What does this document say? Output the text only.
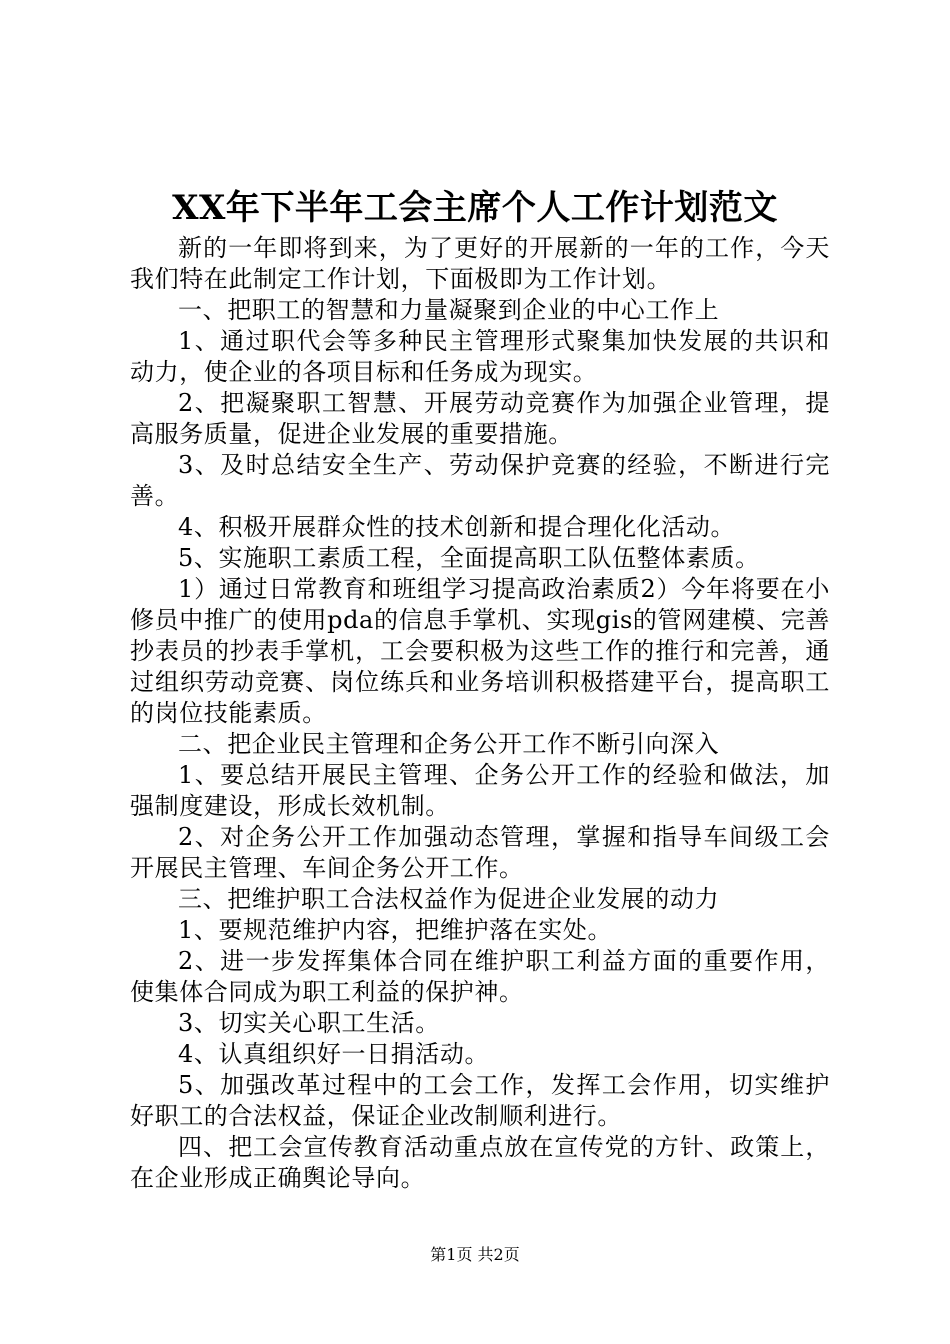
XX年下半年工会主席个人工作计划范文

新的一年即将到来，为了更好的开展新的一年的工作，今天我们特在此制定工作计划，下面极即为工作计划。

一、把职工的智慧和力量凝聚到企业的中心工作上

1、通过职代会等多种民主管理形式聚集加快发展的共识和动力，使企业的各项目标和任务成为现实。

2、把凝聚职工智慧、开展劳动竞赛作为加强企业管理，提高服务质量，促进企业发展的重要措施。

3、及时总结安全生产、劳动保护竞赛的经验，不断进行完善。

4、积极开展群众性的技术创新和提合理化化活动。

5、实施职工素质工程，全面提高职工队伍整体素质。

1）通过日常教育和班组学习提高政治素质2）今年将要在小修员中推广的使用pda的信息手掌机、实现gis的管网建模、完善抄表员的抄表手掌机，工会要积极为这些工作的推行和完善，通过组织劳动竞赛、岗位练兵和业务培训积极搭建平台，提高职工的岗位技能素质。

二、把企业民主管理和企务公开工作不断引向深入

1、要总结开展民主管理、企务公开工作的经验和做法，加强制度建设，形成长效机制。

2、对企务公开工作加强动态管理，掌握和指导车间级工会开展民主管理、车间企务公开工作。

三、把维护职工合法权益作为促进企业发展的动力

1、要规范维护内容，把维护落在实处。

2、进一步发挥集体合同在维护职工利益方面的重要作用，使集体合同成为职工利益的保护神。

3、切实关心职工生活。

4、认真组织好一日捐活动。

5、加强改革过程中的工会工作，发挥工会作用，切实维护好职工的合法权益，保证企业改制顺利进行。

四、把工会宣传教育活动重点放在宣传党的方针、政策上，在企业形成正确舆论导向。

第1页 共2页
